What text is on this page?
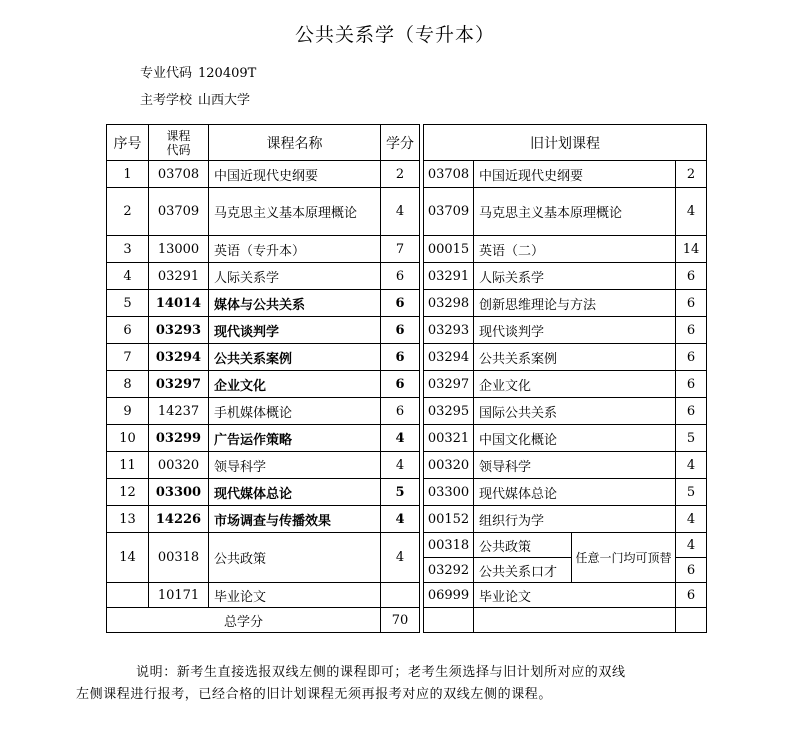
公共关系学（专升本）
专业代码 120409T
主考学校 山西大学
序号	课程代码	课程名称	学分
1	03708	中国近现代史纲要	2
2	03709	马克思主义基本原理概论	4
3	13000	英语（专升本）	7
4	03291	人际关系学	6
5	14014	媒体与公共关系	6
6	03293	现代谈判学	6
7	03294	公共关系案例	6
8	03297	企业文化	6
9	14237	手机媒体概论	6
10	03299	广告运作策略	4
11	00320	领导科学	4
12	03300	现代媒体总论	5
13	14226	市场调查与传播效果	4
14	00318	公共政策	4
	10171	毕业论文	
总学分			70
旧计划课程			
03708	中国近现代史纲要		2
03709	马克思主义基本原理概论		4
00015	英语（二）		14
03291	人际关系学		6
03298	创新思维理论与方法		6
03293	现代谈判学		6
03294	公共关系案例		6
03297	企业文化		6
03295	国际公共关系		6
00321	中国文化概论		5
00320	领导科学		4
03300	现代媒体总论		5
00152	组织行为学		4
00318	公共政策	任意一门均可顶替	4
03292	公共关系口才		6
06999	毕业论文		6

说明：新考生直接选报双线左侧的课程即可；老考生须选择与旧计划所对应的双线
左侧课程进行报考，已经合格的旧计划课程无须再报考对应的双线左侧的课程。
